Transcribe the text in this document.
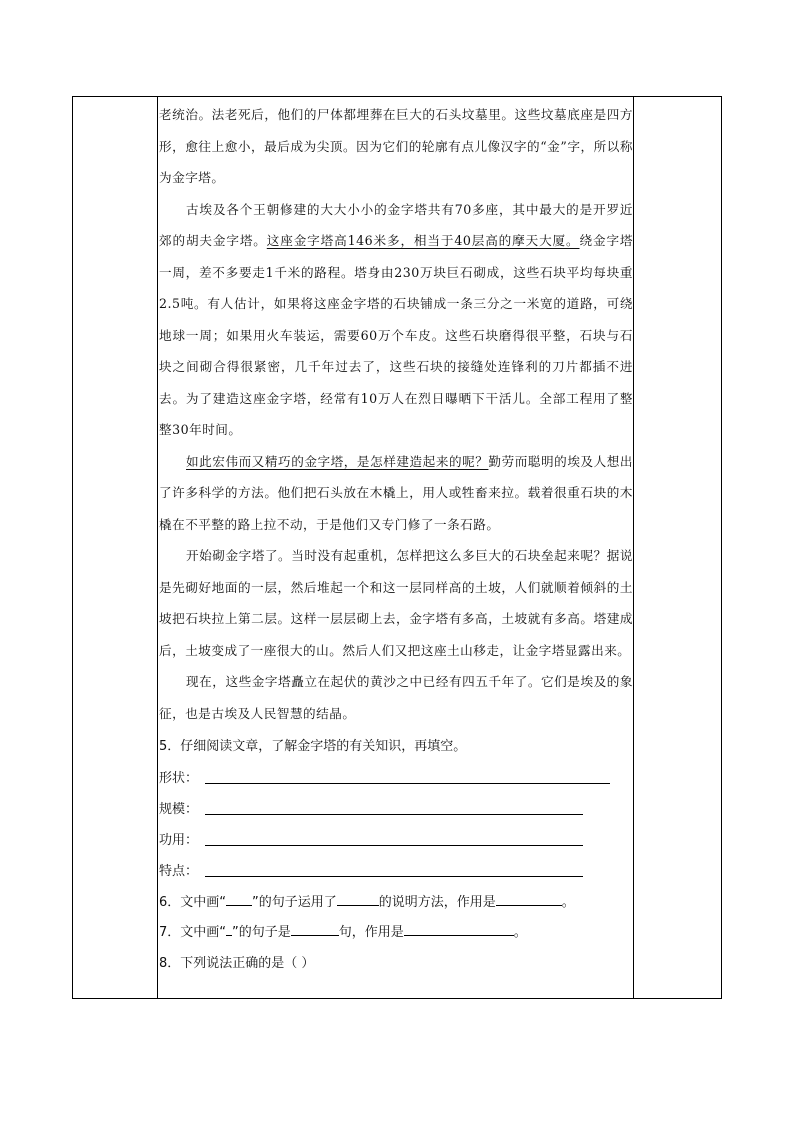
老统治。法老死后，他们的尸体都埋葬在巨大的石头坟墓里。这些坟墓底座是四方形，愈往上愈小，最后成为尖顶。因为它们的轮廓有点儿像汉字的“金”字，所以称为金字塔。

古埃及各个王朝修建的大大小小的金字塔共有70多座，其中最大的是开罗近郊的胡夫金字塔。这座金字塔高146米多，相当于40层高的摩天大厦。绕金字塔一周，差不多要走1千米的路程。塔身由230万块巨石砌成，这些石块平均每块重2.5吨。有人估计，如果将这座金字塔的石块铺成一条三分之一米宽的道路，可绕地球一周；如果用火车装运，需要60万个车皮。这些石块磨得很平整，石块与石块之间砌合得很紧密，几千年过去了，这些石块的接缝处连锋利的刀片都插不进去。为了建造这座金字塔，经常有10万人在烈日曝晒下干活儿。全部工程用了整整30年时间。

如此宏伟而又精巧的金字塔，是怎样建造起来的呢？勤劳而聪明的埃及人想出了许多科学的方法。他们把石头放在木橇上，用人或牲畜来拉。载着很重石块的木橇在不平整的路上拉不动，于是他们又专门修了一条石路。

开始砌金字塔了。当时没有起重机，怎样把这么多巨大的石块垒起来呢？据说是先砌好地面的一层，然后堆起一个和这一层同样高的土坡，人们就顺着倾斜的土坡把石块拉上第二层。这样一层层砌上去，金字塔有多高，土坡就有多高。塔建成后，土坡变成了一座很大的山。然后人们又把这座土山移走，让金字塔显露出来。

现在，这些金字塔矗立在起伏的黄沙之中已经有四五千年了。它们是埃及的象征，也是古埃及人民智慧的结晶。

5．仔细阅读文章，了解金字塔的有关知识，再填空。
形状：
规模：
功用：
特点：
6．文中画“ ”的句子运用了	的说明方法，作用是	。
7．文中画“ ”的句子是	句，作用是	。
8．下列说法正确的是（ ）
